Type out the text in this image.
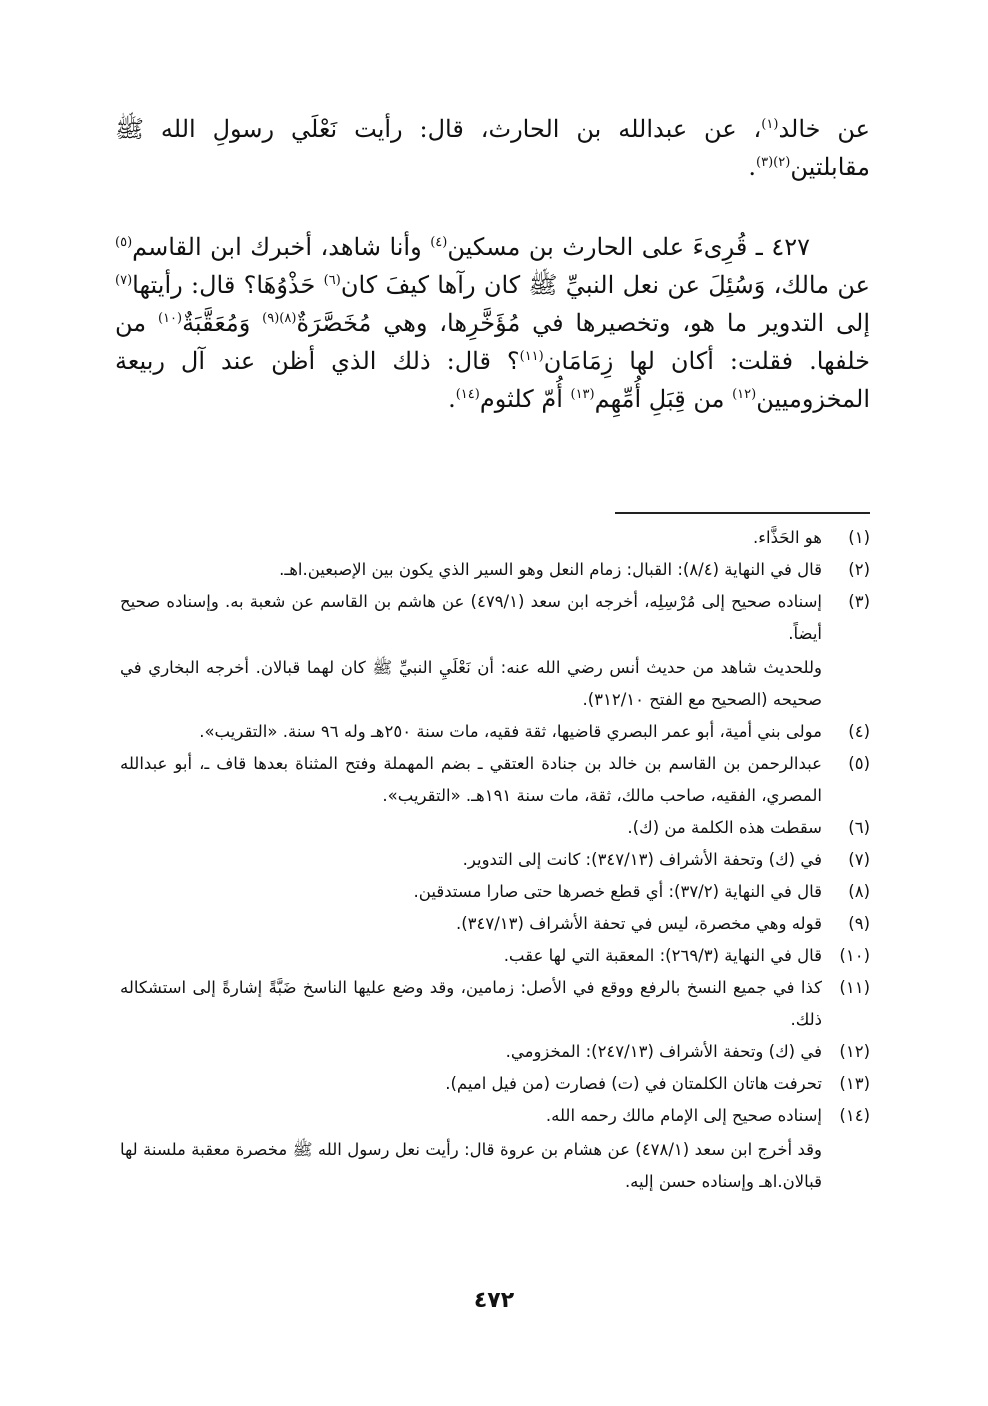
عن خالد$^{(١)}$، عن عبدالله بن الحارث، قال: رأيت نَعْلَي رسولِ الله ﷺ مقابلتين$^{(٢)(٣)}$.

٤٢٧ ـ قُرِىءَ على الحارث بن مسكين$^{(٤)}$ وأنا شاهد، أخبرك ابن القاسم$^{(٥)}$ عن مالك، وَسُئِلَ عن نعل النبيِّ ﷺ كان رآها كيفَ كان$^{(٦)}$ حَذْوُهَا؟ قال: رأيتها$^{(٧)}$ إلى التدوير ما هو، وتخصيرها في مُؤَخَّرِها، وهي مُخَصَّرَةٌ$^{(٨)(٩)}$ وَمُعَقَّبَةٌ$^{(١٠)}$ من خلفها. فقلت: أكان لها زِمَامَان$^{(١١)}$؟ قال: ذلك الذي أظن عند آل ربيعة المخزوميين$^{(١٢)}$ من قِبَلِ أُمِّهِم$^{(١٣)}$ أُمّ كلثوم$^{(١٤)}$.

(١)
هو الحَذَّاء.
(٢)
قال في النهاية (٨/٤): القبال: زمام النعل وهو السير الذي يكون بين الإصبعين.اهـ.
(٣)
إسناده صحيح إلى مُرْسِلِه، أخرجه ابن سعد (٤٧٩/١) عن هاشم بن القاسم عن شعبة به. وإسناده صحيح أيضاً.
وللحديث شاهد من حديث أنس رضي الله عنه: أن نَعْلَيِ النبيِّ ﷺ كان لهما قبالان. أخرجه البخاري في صحيحه (الصحيح مع الفتح ٣١٢/١٠).
(٤)
مولى بني أمية، أبو عمر البصري قاضيها، ثقة فقيه، مات سنة ٢٥٠هـ وله ٩٦ سنة. «التقريب».
(٥)
عبدالرحمن بن القاسم بن خالد بن جنادة العتقي ـ بضم المهملة وفتح المثناة بعدها قاف ـ، أبو عبدالله المصري، الفقيه، صاحب مالك، ثقة، مات سنة ١٩١هـ. «التقريب».
(٦)
سقطت هذه الكلمة من (ك).
(٧)
في (ك) وتحفة الأشراف (٣٤٧/١٣): كانت إلى التدوير.
(٨)
قال في النهاية (٣٧/٢): أي قطع خصرها حتى صارا مستدقين.
(٩)
قوله وهي مخصرة، ليس في تحفة الأشراف (٣٤٧/١٣).
(١٠)
قال في النهاية (٢٦٩/٣): المعقبة التي لها عقب.
(١١)
كذا في جميع النسخ بالرفع ووقع في الأصل: زمامين، وقد وضع عليها الناسخ ضَبَّةً إشارةً إلى استشكاله ذلك.
(١٢)
في (ك) وتحفة الأشراف (٢٤٧/١٣): المخزومي.
(١٣)
تحرفت هاتان الكلمتان في (ت) فصارت (من فيل اميم).
(١٤)
إسناده صحيح إلى الإمام مالك رحمه الله.
وقد أخرج ابن سعد (٤٧٨/١) عن هشام بن عروة قال: رأيت نعل رسول الله ﷺ مخصرة معقبة ملسنة لها قبالان.اهـ وإسناده حسن إليه.
٤٧٢
